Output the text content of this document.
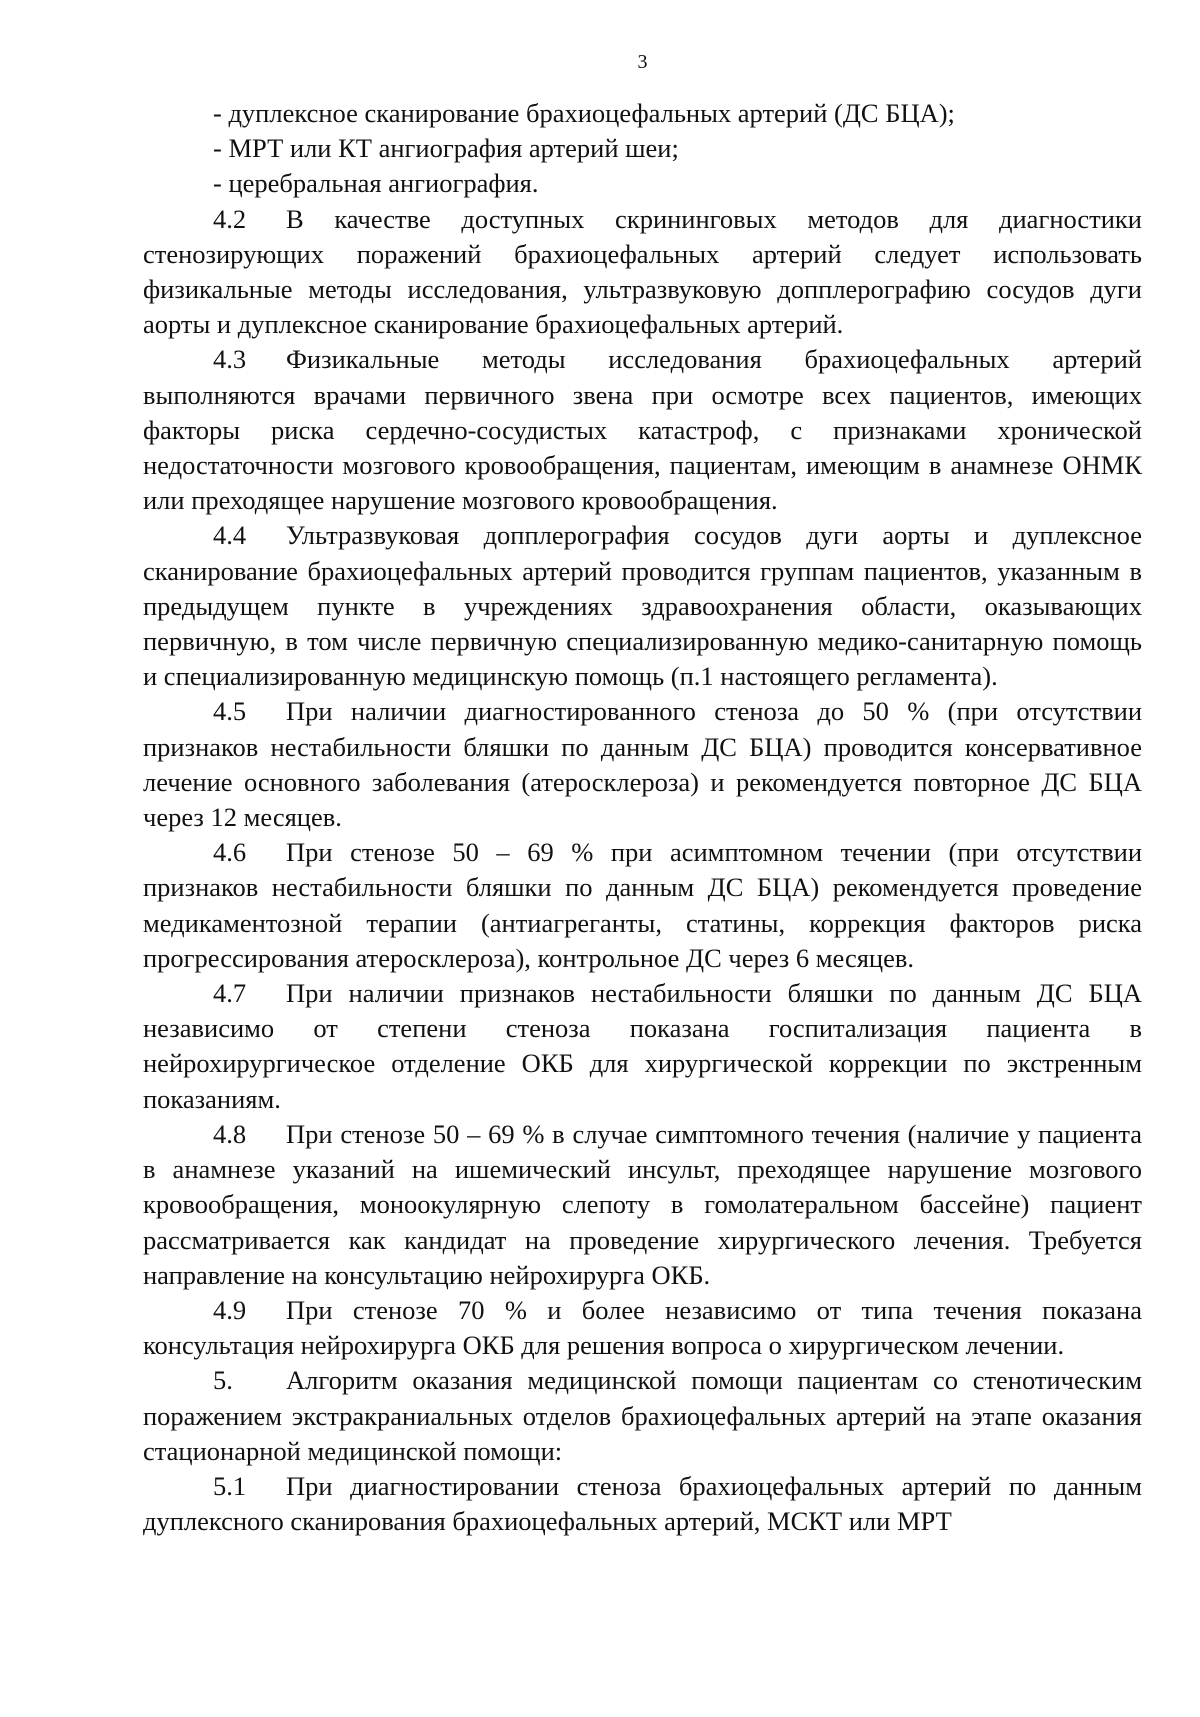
3
- дуплексное сканирование брахиоцефальных артерий (ДС БЦА);
- МРТ или КТ ангиография артерий шеи;
- церебральная ангиография.

4.2 В качестве доступных скрининговых методов для диагностики стенозирующих поражений брахиоцефальных артерий следует использовать физикальные методы исследования, ультразвуковую допплерографию сосудов дуги аорты и дуплексное сканирование брахиоцефальных артерий.

4.3 Физикальные методы исследования брахиоцефальных артерий выполняются врачами первичного звена при осмотре всех пациентов, имеющих факторы риска сердечно-сосудистых катастроф, с признаками хронической недостаточности мозгового кровообращения, пациентам, имеющим в анамнезе ОНМК или преходящее нарушение мозгового кровообращения.

4.4 Ультразвуковая допплерография сосудов дуги аорты и дуплексное сканирование брахиоцефальных артерий проводится группам пациентов, указанным в предыдущем пункте в учреждениях здравоохранения области, оказывающих первичную, в том числе первичную специализированную медико-санитарную помощь и специализированную медицинскую помощь (п.1 настоящего регламента).

4.5 При наличии диагностированного стеноза до 50 % (при отсутствии признаков нестабильности бляшки по данным ДС БЦА) проводится консервативное лечение основного заболевания (атеросклероза) и рекомендуется повторное ДС БЦА через 12 месяцев.

4.6 При стенозе 50 – 69 % при асимптомном течении (при отсутствии признаков нестабильности бляшки по данным ДС БЦА) рекомендуется проведение медикаментозной терапии (антиагреганты, статины, коррекция факторов риска прогрессирования атеросклероза), контрольное ДС через 6 месяцев.

4.7 При наличии признаков нестабильности бляшки по данным ДС БЦА независимо от степени стеноза показана госпитализация пациента в нейрохирургическое отделение ОКБ для хирургической коррекции по экстренным показаниям.

4.8 При стенозе 50 – 69 % в случае симптомного течения (наличие у пациента в анамнезе указаний на ишемический инсульт, преходящее нарушение мозгового кровообращения, моноокулярную слепоту в гомолатеральном бассейне) пациент рассматривается как кандидат на проведение хирургического лечения. Требуется направление на консультацию нейрохирурга ОКБ.

4.9 При стенозе 70 % и более независимо от типа течения показана консультация нейрохирурга ОКБ для решения вопроса о хирургическом лечении.

5. Алгоритм оказания медицинской помощи пациентам со стенотическим поражением экстракраниальных отделов брахиоцефальных артерий на этапе оказания стационарной медицинской помощи:

5.1 При диагностировании стеноза брахиоцефальных артерий по данным дуплексного сканирования брахиоцефальных артерий, МСКТ или МРТ
